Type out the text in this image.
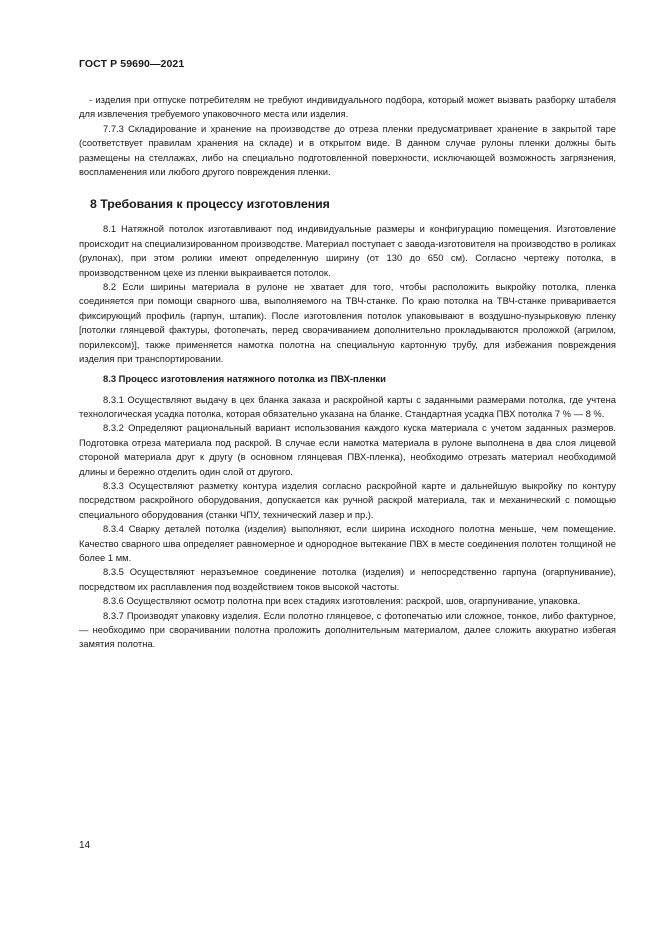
ГОСТ Р 59690—2021

- изделия при отпуске потребителям не требуют индивидуального подбора, который может вызвать разборку штабеля для извлечения требуемого упаковочного места или изделия.

7.7.3 Складирование и хранение на производстве до отреза пленки предусматривает хранение в закрытой таре (соответствует правилам хранения на складе) и в открытом виде. В данном случае рулоны пленки должны быть размещены на стеллажах, либо на специально подготовленной поверхности, исключающей возможность загрязнения, воспламенения или любого другого повреждения пленки.

8 Требования к процессу изготовления

8.1 Натяжной потолок изготавливают под индивидуальные размеры и конфигурацию помещения. Изготовление происходит на специализированном производстве. Материал поступает с завода-изготовителя на производство в роликах (рулонах), при этом ролики имеют определенную ширину (от 130 до 650 см). Согласно чертежу потолка, в производственном цехе из пленки выкраивается потолок.

8.2 Если ширины материала в рулоне не хватает для того, чтобы расположить выкройку потолка, пленка соединяется при помощи сварного шва, выполняемого на ТВЧ-станке. По краю потолка на ТВЧ-станке привариваeтся фиксирующий профиль (гарпун, штапик). После изготовления потолок упаковывают в воздушно-пузырьковую пленку [потолки глянцевой фактуры, фотопечать, перед сворачиванием дополнительно прокладываются проложкой (агрилом, порилексом)], также применяется намотка полотна на специальную картонную трубу, для избежания повреждения изделия при транспортировании.

8.3 Процесс изготовления натяжного потолка из ПВХ-пленки

8.3.1 Осуществляют выдачу в цех бланка заказа и раскройной карты с заданными размерами потолка, где учтена технологическая усадка потолка, которая обязательно указана на бланке. Стандартная усадка ПВХ потолка 7 % — 8 %.

8.3.2 Определяют рациональный вариант использования каждого куска материала с учетом заданных размеров. Подготовка отреза материала под раскрой. В случае если намотка материала в рулоне выполнена в два слоя лицевой стороной материала друг к другу (в основном глянцевая ПВХ-пленка), необходимо отрезать материал необходимой длины и бережно отделить один слой от другого.

8.3.3 Осуществляют разметку контура изделия согласно раскройной карте и дальнейшую выкройку по контуру посредством раскройного оборудования, допускается как ручной раскрой материала, так и механический с помощью специального оборудования (станки ЧПУ, технический лазер и пр.).

8.3.4 Сварку деталей потолка (изделия) выполняют, если ширина исходного полотна меньше, чем помещение. Качество сварного шва определяет равномерное и однородное вытекание ПВХ в месте соединения полотен толщиной не более 1 мм.

8.3.5 Осуществляют неразъемное соединение потолка (изделия) и непосредственно гарпуна (огарпунивание), посредством их расплавления под воздействием токов высокой частоты.

8.3.6 Осуществляют осмотр полотна при всех стадиях изготовления: раскрой, шов, огарпунивание, упаковка.

8.3.7 Производят упаковку изделия. Если полотно глянцевое, с фотопечатью или сложное, тонкое, либо фактурное, — необходимо при сворачивании полотна проложить дополнительным материалом, далее сложить аккуратно избегая замятия полотна.

14
